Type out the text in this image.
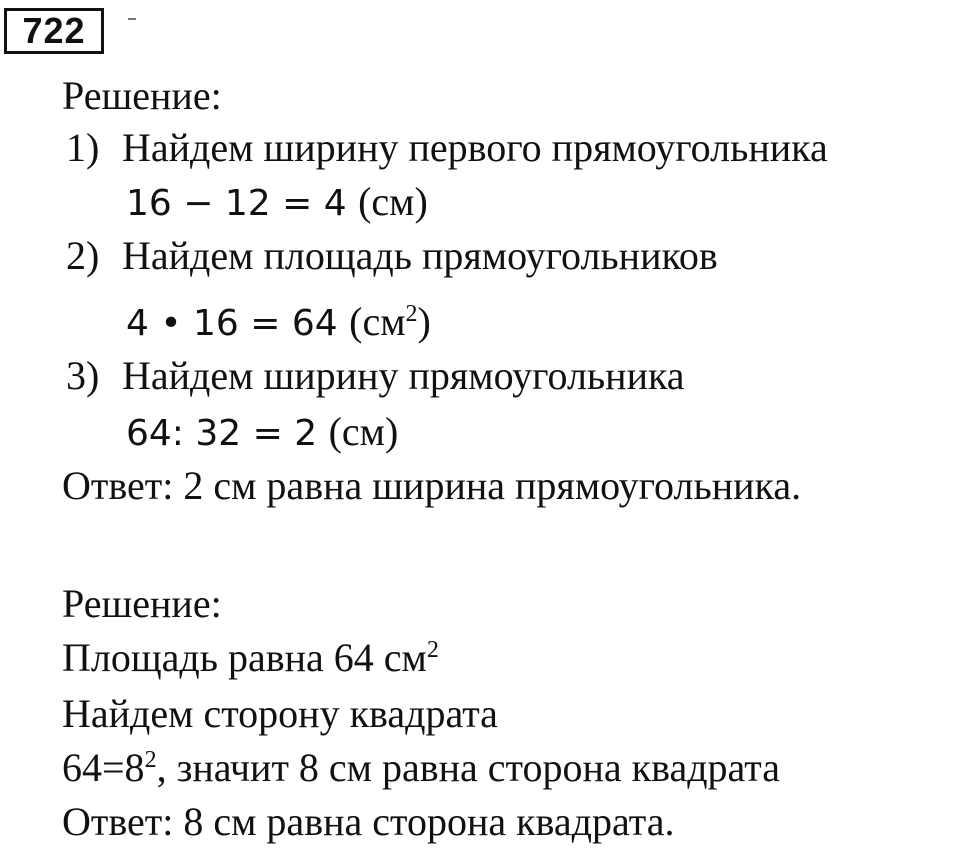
722
Решение:
1) Найдем ширину первого прямоугольника
16 − 12 = 4 (см)
2) Найдем площадь прямоугольников
4 • 16 = 64 $(см^2)$
3) Найдем ширину прямоугольника
64: 32 = 2 (см)
Ответ: 2 см равна ширина прямоугольника.
Решение:
Площадь равна 64 $см^2$
Найдем сторону квадрата
$64=8^2$, значит 8 см равна сторона квадрата
Ответ: 8 см равна сторона квадрата.
